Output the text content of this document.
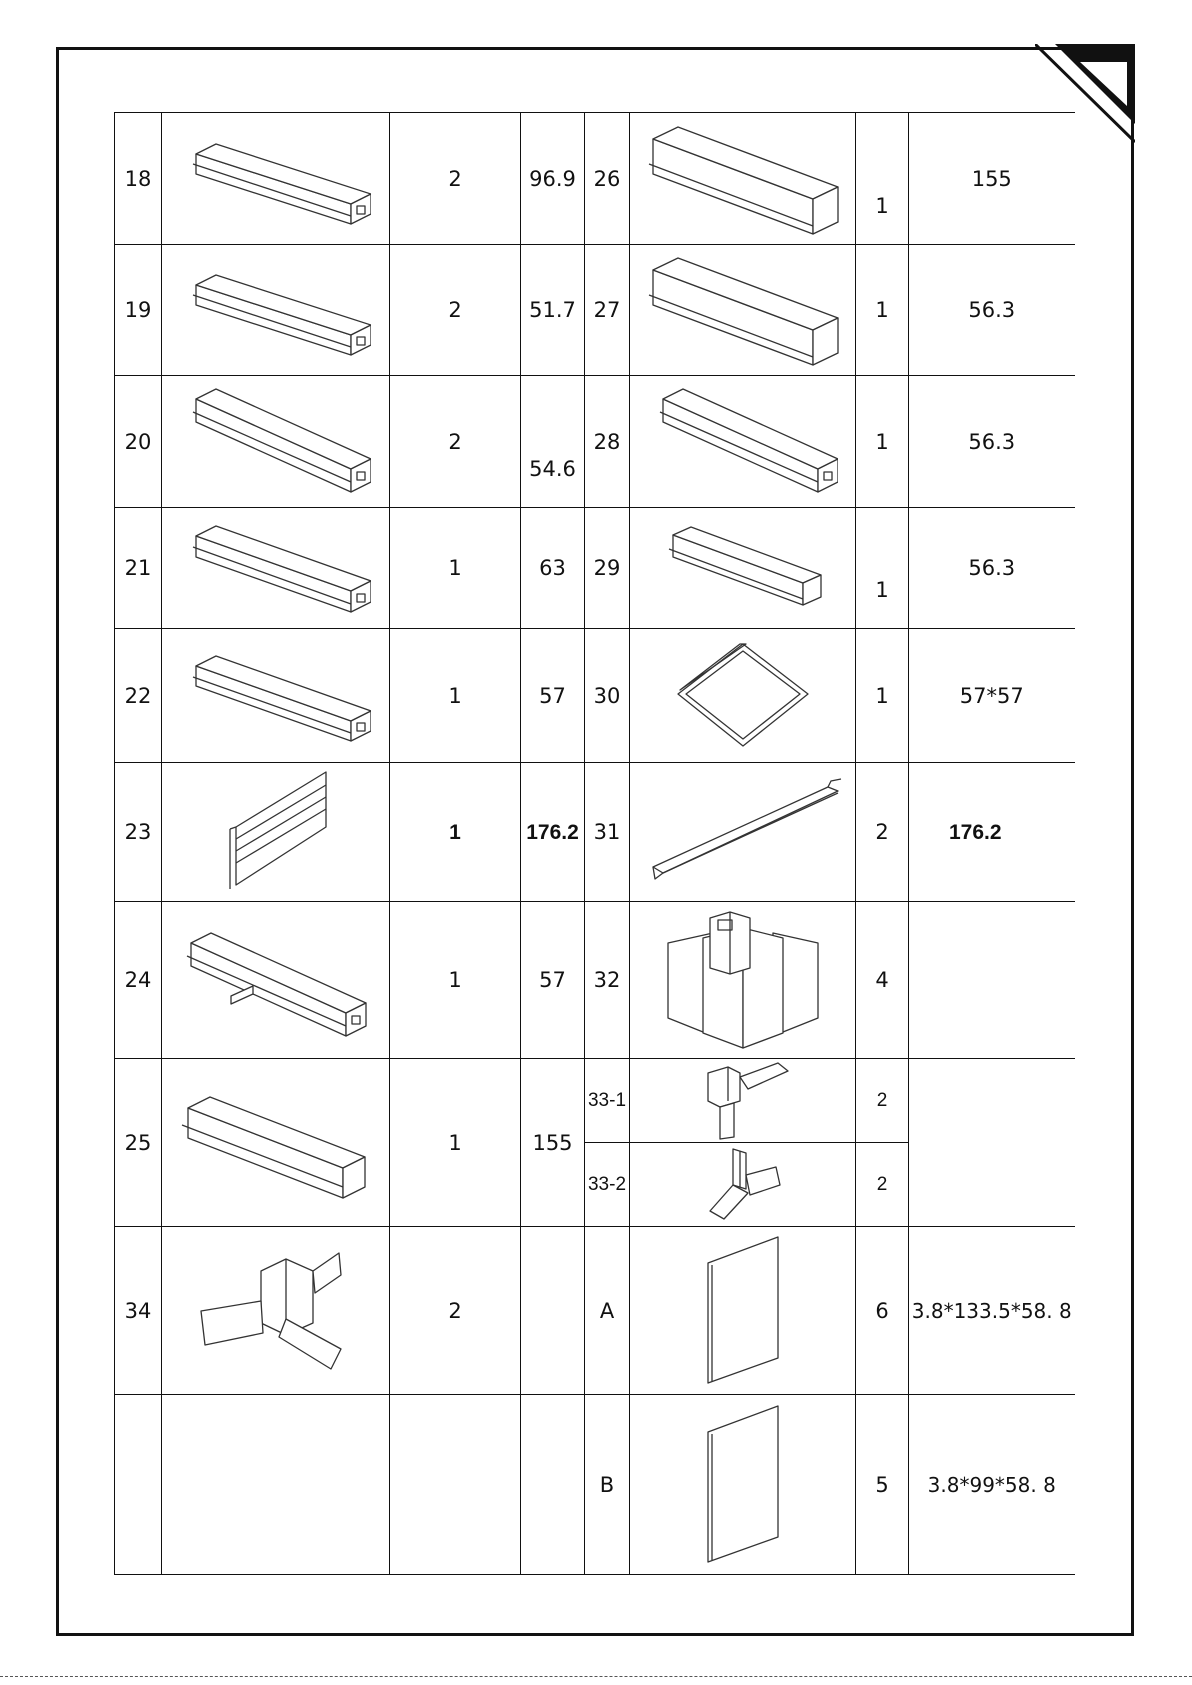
18		2	96.9	26		1	155
19		2	51.7	27		1	56.3
20		2	54.6	28		1	56.3
21		1	63	29		1	56.3
22		1	57	30		1	57*57
23		1	176.2	31		2	176.2
24		1	57	32		4	
25		1	155	33-1		2	
				33-2		2	
34		2		A		6	3.8*133.5*58. 8
				B		5	3.8*99*58. 8
